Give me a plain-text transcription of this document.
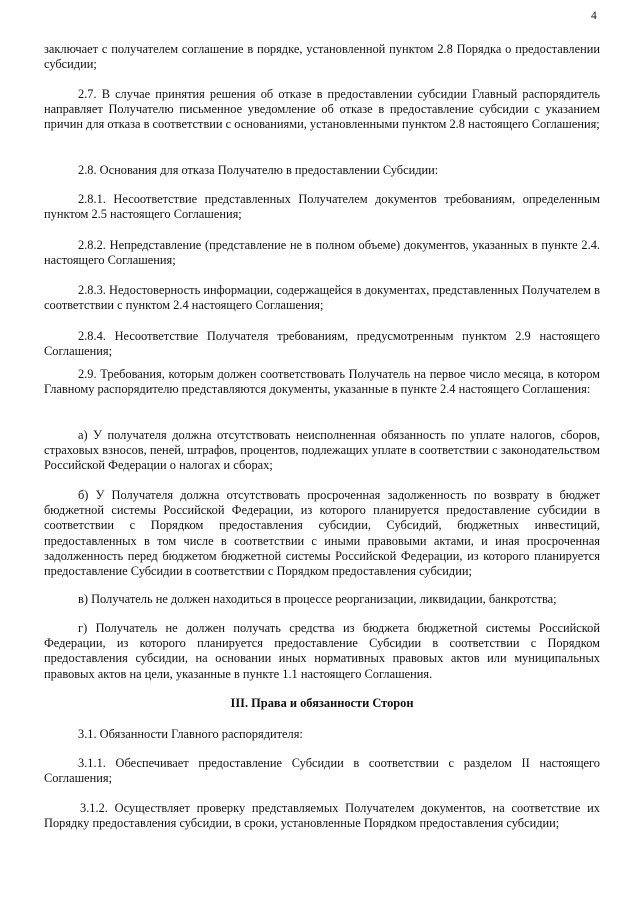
4

заключает с получателем соглашение в порядке, установленной пунктом 2.8 Порядка о предоставлении субсидии;

2.7. В случае принятия решения об отказе в предоставлении субсидии Главный распорядитель направляет Получателю письменное уведомление об отказе в предоставление субсидии с указанием причин для отказа в соответствии с основаниями, установленными пунктом 2.8 настоящего Соглашения;

2.8. Основания для отказа Получателю в предоставлении Субсидии:

2.8.1. Несоответствие представленных Получателем документов требованиям, определенным пунктом 2.5 настоящего Соглашения;

2.8.2. Непредставление (представление не в полном объеме) документов, указанных в пункте 2.4. настоящего Соглашения;

2.8.3. Недостоверность информации, содержащейся в документах, представленных Получателем в соответствии с пунктом 2.4 настоящего Соглашения;

2.8.4. Несоответствие Получателя требованиям, предусмотренным пунктом 2.9 настоящего Соглашения;

2.9. Требования, которым должен соответствовать Получатель на первое число месяца, в котором Главному распорядителю представляются документы, указанные в пункте 2.4 настоящего Соглашения:

а) У получателя должна отсутствовать неисполненная обязанность по уплате налогов, сборов, страховых взносов, пеней, штрафов, процентов, подлежащих уплате в соответствии с законодательством Российской Федерации о налогах и сборах;

б) У Получателя должна отсутствовать просроченная задолженность по возврату в бюджет бюджетной системы Российской Федерации, из которого планируется предоставление субсидии в соответствии с Порядком предоставления субсидии, Субсидий, бюджетных инвестиций, предоставленных в том числе в соответствии с иными правовыми актами, и иная просроченная задолженность перед бюджетом бюджетной системы Российской Федерации, из которого планируется предоставление Субсидии в соответствии с Порядком предоставления субсидии;

в) Получатель не должен находиться в процессе реорганизации, ликвидации, банкротства;

г) Получатель не должен получать средства из бюджета бюджетной системы Российской Федерации, из которого планируется предоставление Субсидии в соответствии с Порядком предоставления субсидии, на основании иных нормативных правовых актов или муниципальных правовых актов на цели, указанные в пункте 1.1 настоящего Соглашения.

III. Права и обязанности Сторон

3.1. Обязанности Главного распорядителя:

3.1.1. Обеспечивает предоставление Субсидии в соответствии с разделом II настоящего Соглашения;

3.1.2. Осуществляет проверку представляемых Получателем документов, на соответствие их Порядку предоставления субсидии, в сроки, установленные Порядком предоставления субсидии;
